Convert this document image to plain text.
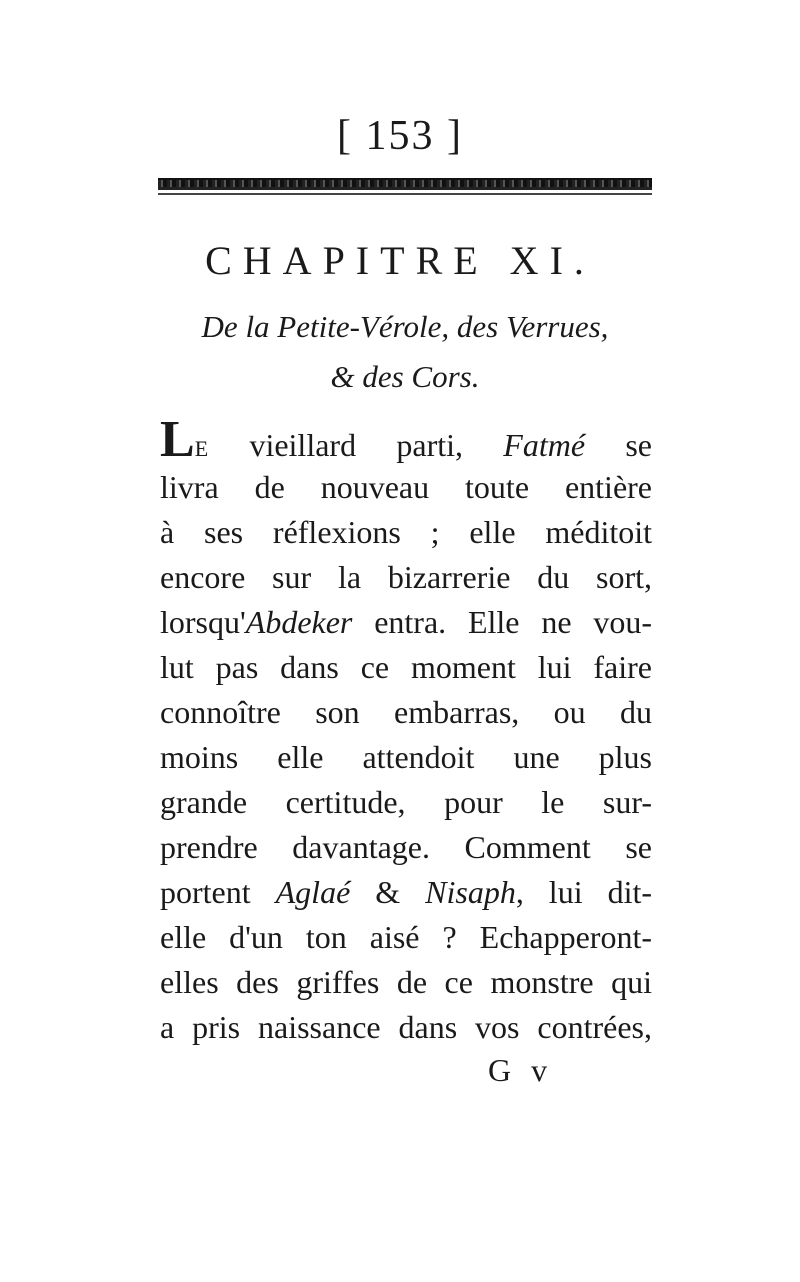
[ 153 ]
CHAPITRE XI.
De la Petite-Vérole, des Verrues,
& des Cors.
LE vieillard parti, Fatmé se
livra de nouveau toute entière
à ses réflexions ; elle méditoit
encore sur la bizarrerie du sort,
lorsqu'Abdeker entra. Elle ne vou-
lut pas dans ce moment lui faire
connoître son embarras, ou du
moins elle attendoit une plus
grande certitude, pour le sur-
prendre davantage. Comment se
portent Aglaé & Nisaph, lui dit-
elle d'un ton aisé ? Echapperont-
elles des griffes de ce monstre qui
a pris naissance dans vos contrées,
G v
